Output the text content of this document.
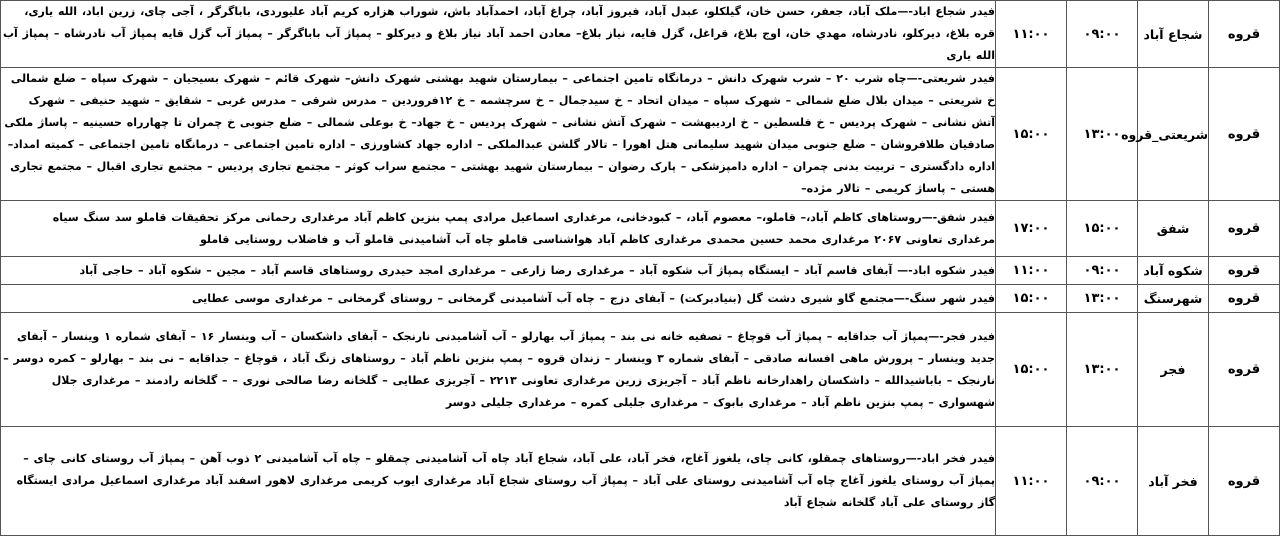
قروه	شجاع آباد	۰۹:۰۰	۱۱:۰۰	فیدر شجاع اباد-—ملک آباد، جعفر، حسن خان، گیلکلو، عبدل آباد، فیروز آباد، چراغ آباد، احمدآباد باش، شوراب هزاره کریم آباد علیوردی، باباگرگر ، آجی چای، زرین اباد، الله یاری، قره بلاغ، دیرکلو، نادرشاه، مهدي خان، اوج بلاغ، قراغل، گزل قایه، نیاز بلاغ– معادن احمد آباد نیاز بلاغ و دیرکلو – پمپاژ آب باباگرگر – پمپاژ آب گزل قایه پمپاژ آب نادرشاه – پمپاژ آب الله یاری
قروه	شریعتی_قروه	۱۳:۰۰	۱۵:۰۰	فیدر شریعتی-—چاه شرب ۲۰ – شرب شهرک دانش – درمانگاه تامین اجتماعی – بیمارستان شهید بهشتی شهرک دانش– شهرک قائم – شهرک بسیجیان – شهرک سپاه – ضلع شمالی خ شریعتی – میدان بلال ضلع شمالی – شهرک سپاه – میدان اتحاد – خ سیدجمال – خ سرچشمه – خ ۱۲فروردین – مدرس شرقی – مدرس غربی – شقایق – شهید حنیفی – شهرک آتش نشانی – شهرک پردیس – خ فلسطین – خ اردیبهشت – شهرک آتش نشانی – شهرک پردیس – خ جهاد– خ بوعلی شمالی – ضلع جنوبی خ چمران تا چهارراه حسینیه – پاساژ ملکی صادقیان طلافروشان – ضلع جنوبی میدان شهید سلیمانی هتل اهورا – تالار گلشن عبدالملکی – اداره جهاد کشاورزی – اداره تامین اجتماعی – درمانگاه تامین اجتماعی – کمیته امداد– اداره دادگستری – تربیت بدنی چمران – اداره دامپزشکی – پارک رضوان – بیمارستان شهید بهشتی – مجتمع سراب کوثر – مجتمع تجاری پردیس – مجتمع تجاری اقبال – مجتمع تجاری هستی – پاساژ کریمی – تالار مژده–
قروه	شفق	۱۵:۰۰	۱۷:۰۰	فیدر شفق-—روستاهای کاظم آباد،– قاملو،– معصوم آباد، – کبودخانی، مرغداری اسماعیل مرادی پمپ بنزین کاظم آباد مرغداری رحمانی مرکز تحقیقات قاملو سد سنگ سیاه مرغداری تعاونی ۲۰۶۷ مرغداری محمد حسین محمدی مرغداری کاظم آباد هواشناسی قاملو چاه آب آشامیدنی قاملو آب و فاضلاب روستایی قاملو
قروه	شکوه آباد	۰۹:۰۰	۱۱:۰۰	فیدر شکوه اباد-— آبفای قاسم آباد – ایستگاه پمپاژ آب شکوه آباد – مرغداری رضا زارعی – مرغداری امجد حیدری روستاهای قاسم آباد – مجین – شکوه آباد – حاجی آباد
قروه	شهرسنگ	۱۳:۰۰	۱۵:۰۰	فیدر شهر سنگ-—مجتمع گاو شیری دشت گل (بنیادبرکت) – آبفای دزج – چاه آب آشامیدنی گرمخانی – روستای گرمخانی – مرغداری موسی عطایی
قروه	فجر	۱۳:۰۰	۱۵:۰۰	فیدر فجر-—پمپاژ آب جداقایه – پمپاژ آب قوچاغ – تصفیه خانه نی بند – پمپاژ آب بهارلو – آب آشامیدنی نارنجک – آبفای داشکسان – آب وینسار ۱۶ – آبفای شماره ۱ وینسار – آبفای جدید وینسار – پرورش ماهی افسانه صادقی – آبفای شماره ۳ وینسار – زندان قروه – پمپ بنزین ناظم آباد – روستاهای زنگ آباد ، قوچاغ – جداقایه – نی بند – بهارلو – کمره دوسر – نارنجک – باباشیدالله – داشکسان راهدارخانه ناظم آباد – آجریزی زرین مرغداری تعاونی ۲۲۱۳ – آجریزی عطایی – گلخانه رضا صالحی نوری – – گلخانه رادمند – مرغداری جلال شهسواری – پمپ بنزین ناظم آباد – مرغداری بابوک – مرغداری جلیلی کمره – مرغداری جلیلی دوسر
قروه	فخر آباد	۰۹:۰۰	۱۱:۰۰	فیدر فخر اباد-—روستاهای چمقلو، کانی چای، یلغوز آغاج، فخر آباد، علی آباد، شجاع آباد چاه آب آشامیدنی چمقلو – چاه آب آشامیدنی ۲ ذوب آهن – پمپاژ آب روستای کانی چای – پمپاژ آب روستای یلغوز آغاج چاه آب آشامیدنی روستای علی آباد – پمپاژ آب روستای شجاع آباد مرغداری ایوب کریمی مرغداری لاهور اسفند آباد مرغداری اسماعیل مرادی ایستگاه گاز روستای علی آباد گلخانه شجاع آباد
